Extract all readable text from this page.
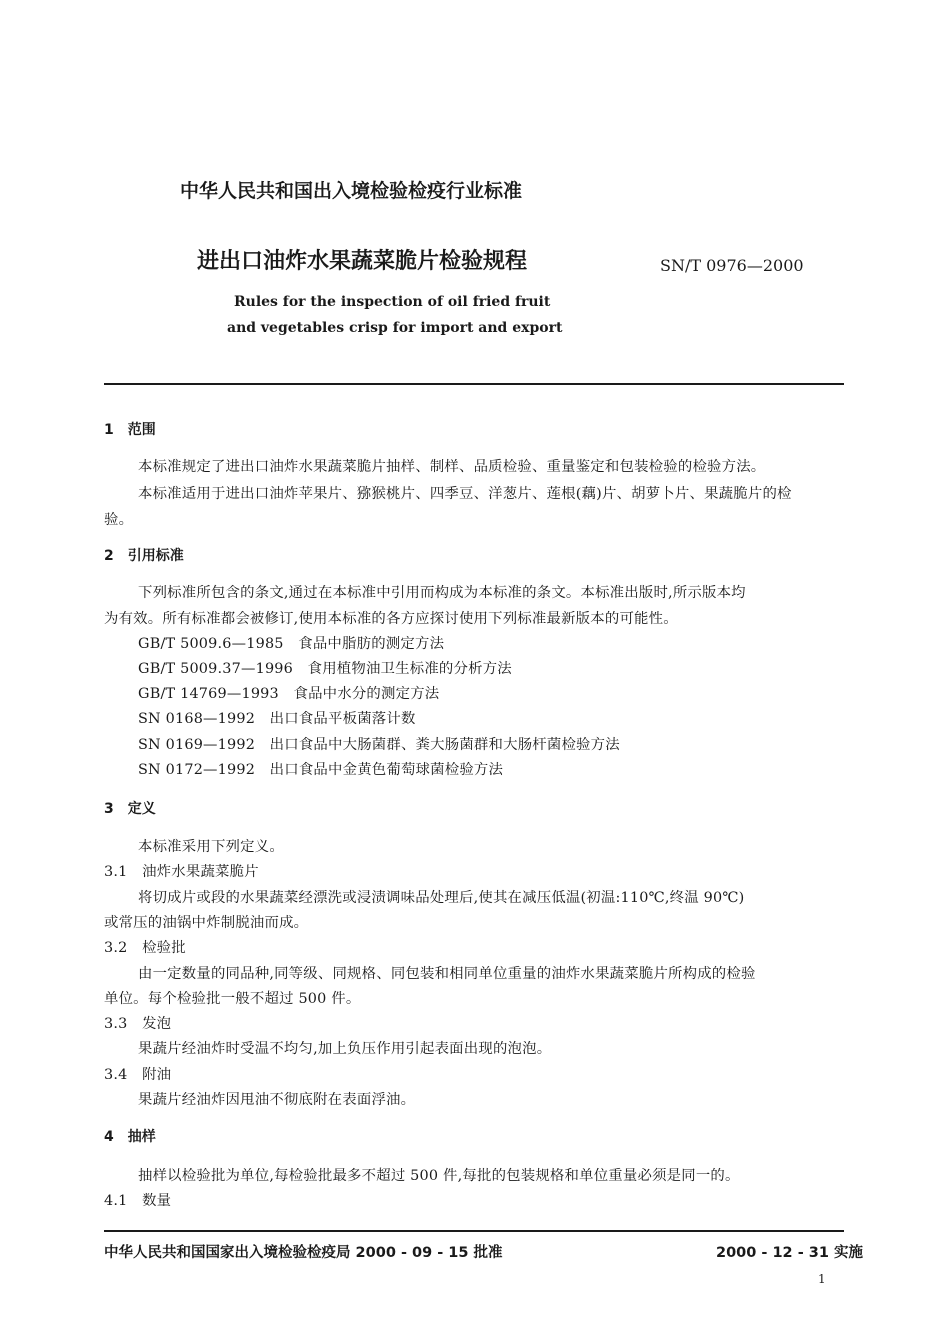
中华人民共和国出入境检验检疫行业标准
进出口油炸水果蔬菜脆片检验规程	SN/T 0976—2000
Rules for the inspection of oil fried fruit
and vegetables crisp for import and export
1　范围
本标准规定了进出口油炸水果蔬菜脆片抽样、制样、品质检验、重量鉴定和包装检验的检验方法。
本标准适用于进出口油炸苹果片、猕猴桃片、四季豆、洋葱片、莲根(藕)片、胡萝卜片、果蔬脆片的检
验。
2　引用标准
下列标准所包含的条文,通过在本标准中引用而构成为本标准的条文。本标准出版时,所示版本均
为有效。所有标准都会被修订,使用本标准的各方应探讨使用下列标准最新版本的可能性。
GB/T 5009.6—1985　食品中脂肪的测定方法
GB/T 5009.37—1996　食用植物油卫生标准的分析方法
GB/T 14769—1993　食品中水分的测定方法
SN 0168—1992　出口食品平板菌落计数
SN 0169—1992　出口食品中大肠菌群、粪大肠菌群和大肠杆菌检验方法
SN 0172—1992　出口食品中金黄色葡萄球菌检验方法
3　定义
本标准采用下列定义。
3.1　油炸水果蔬菜脆片
将切成片或段的水果蔬菜经漂洗或浸渍调味品处理后,使其在减压低温(初温:110℃,终温 90℃)
或常压的油锅中炸制脱油而成。
3.2　检验批
由一定数量的同品种,同等级、同规格、同包装和相同单位重量的油炸水果蔬菜脆片所构成的检验
单位。每个检验批一般不超过 500 件。
3.3　发泡
果蔬片经油炸时受温不均匀,加上负压作用引起表面出现的泡泡。
3.4　附油
果蔬片经油炸因甩油不彻底附在表面浮油。
4　抽样
抽样以检验批为单位,每检验批最多不超过 500 件,每批的包装规格和单位重量必须是同一的。
4.1　数量
中华人民共和国国家出入境检验检疫局 2000 - 09 - 15 批准	2000 - 12 - 31 实施
1
